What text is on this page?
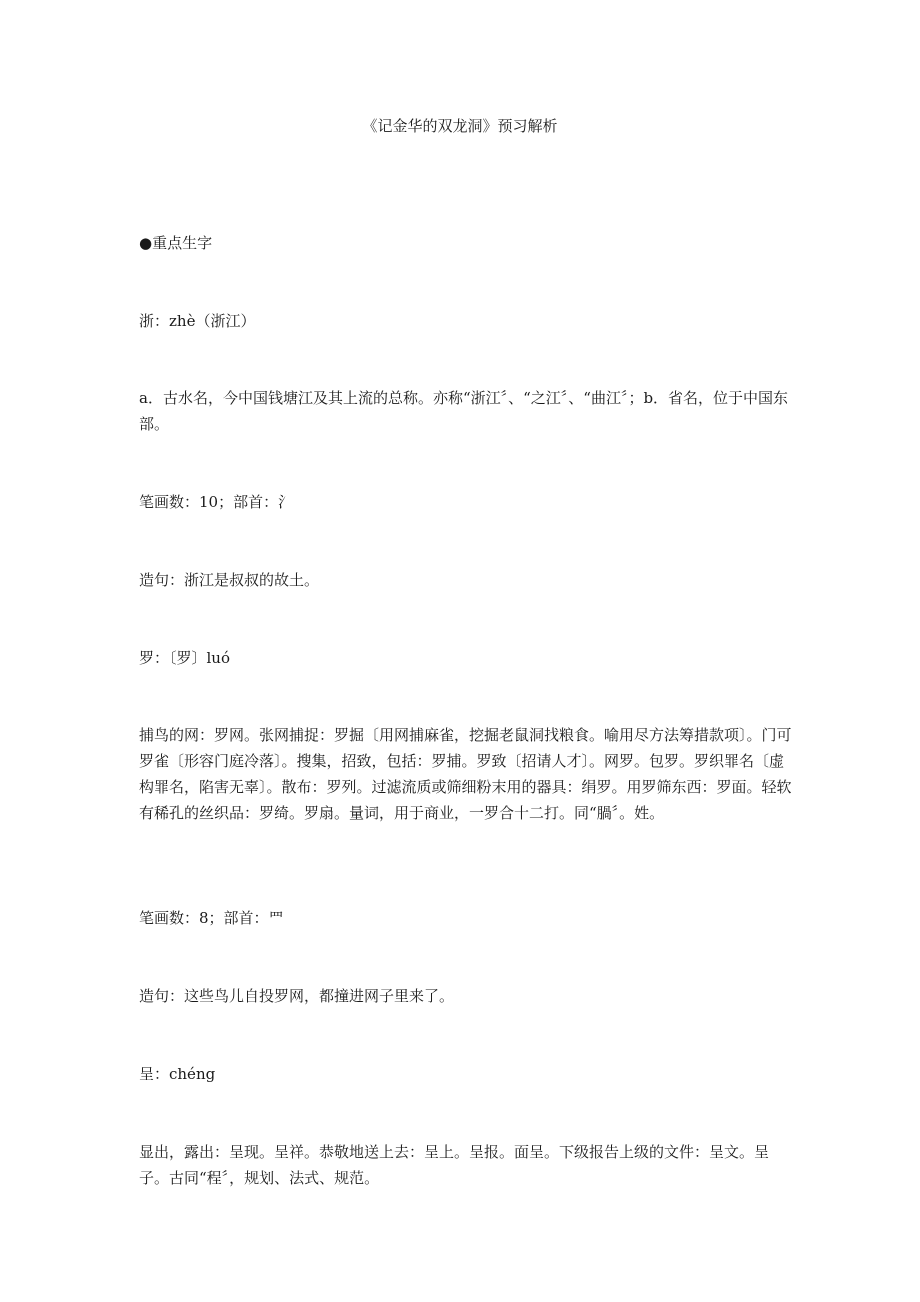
《记金华的双龙洞》预习解析
●重点生字
浙：zhè（浙江）
a．古水名，今中国钱塘江及其上流的总称。亦称“浙江〞、“之江〞、“曲江〞；b．省名，位于中国东部。
笔画数：10；部首：氵
造句：浙江是叔叔的故土。
罗：〔罗〕luó
捕鸟的网：罗网。张网捕捉：罗掘〔用网捕麻雀，挖掘老鼠洞找粮食。喻用尽方法筹措款项〕。门可罗雀〔形容门庭冷落〕。搜集，招致，包括：罗捕。罗致〔招请人才〕。网罗。包罗。罗织罪名〔虚构罪名，陷害无辜〕。散布：罗列。过滤流质或筛细粉末用的器具：绢罗。用罗筛东西：罗面。轻软有稀孔的丝织品：罗绮。罗扇。量词，用于商业，一罗合十二打。同“腡〞。姓。
笔画数：8；部首：罒
造句：这些鸟儿自投罗网，都撞进网子里来了。
呈：chéng
显出，露出：呈现。呈祥。恭敬地送上去：呈上。呈报。面呈。下级报告上级的文件：呈文。呈子。古同“程〞，规划、法式、规范。
